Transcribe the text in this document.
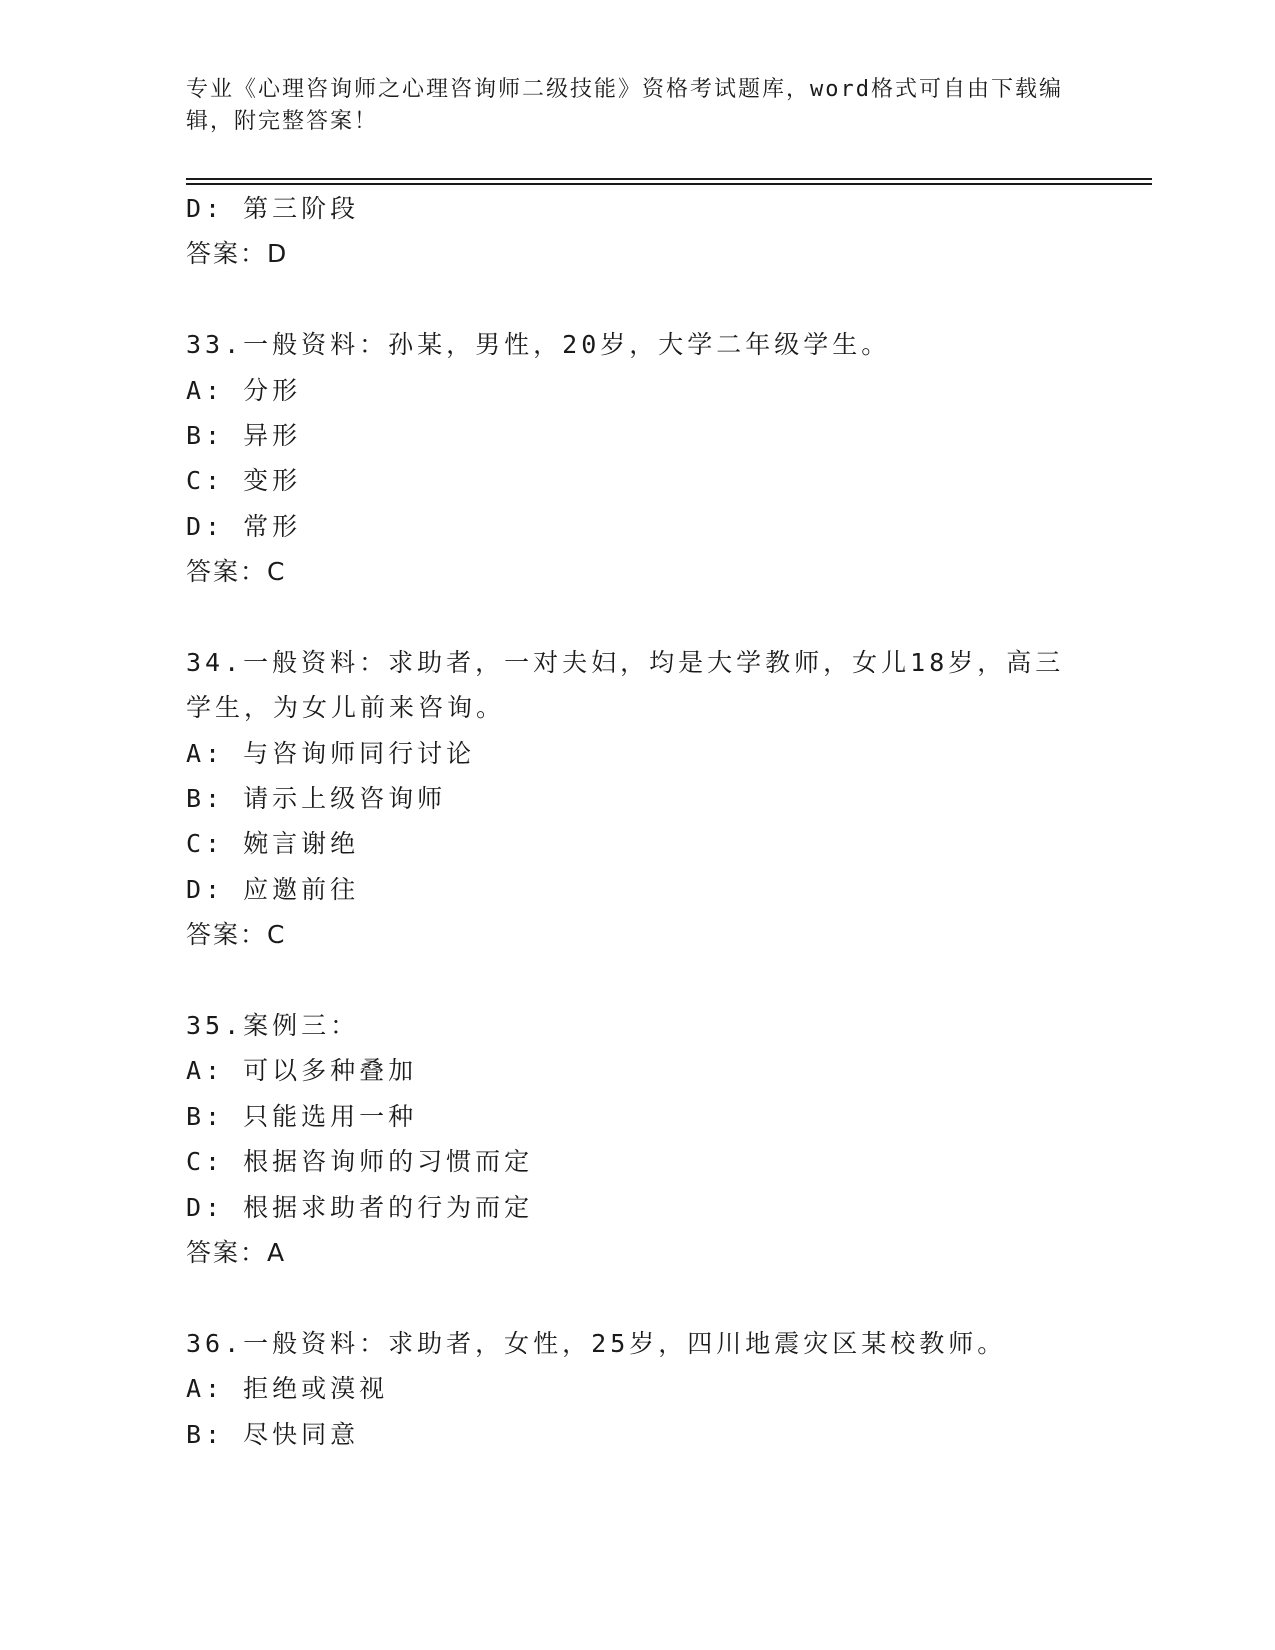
专业《心理咨询师之心理咨询师二级技能》资格考试题库，word格式可自由下载编辑，附完整答案！
D: 第三阶段
答案：D
33.一般资料：孙某，男性，20岁，大学二年级学生。
A: 分形
B: 异形
C: 变形
D: 常形
答案：C
34.一般资料：求助者，一对夫妇，均是大学教师，女儿18岁，高三
学生，为女儿前来咨询。
A: 与咨询师同行讨论
B: 请示上级咨询师
C: 婉言谢绝
D: 应邀前往
答案：C
35.案例三：
A: 可以多种叠加
B: 只能选用一种
C: 根据咨询师的习惯而定
D: 根据求助者的行为而定
答案：A
36.一般资料：求助者，女性，25岁，四川地震灾区某校教师。
A: 拒绝或漠视
B: 尽快同意
